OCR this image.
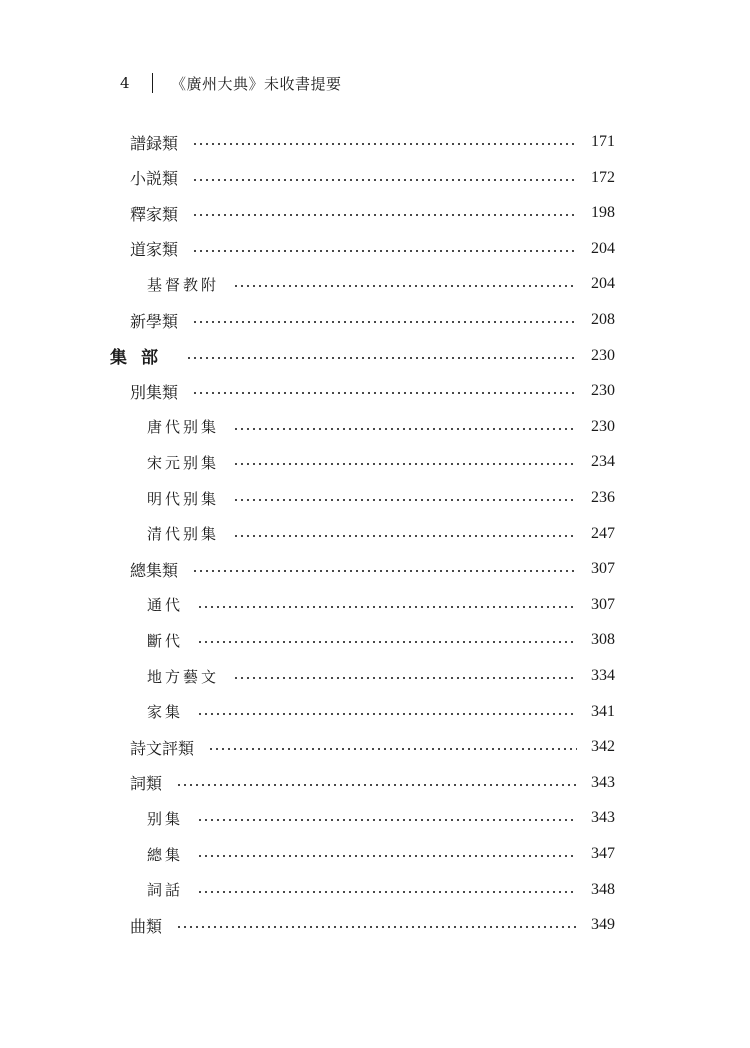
4	《廣州大典》未收書提要
譜録類	171
小説類	172
釋家類	198
道家類	204
基督教附	204
新學類	208
集部	230
別集類	230
唐代别集	230
宋元别集	234
明代别集	236
清代别集	247
總集類	307
通代	307
斷代	308
地方藝文	334
家集	341
詩文評類	342
詞類	343
别集	343
總集	347
詞話	348
曲類	349
